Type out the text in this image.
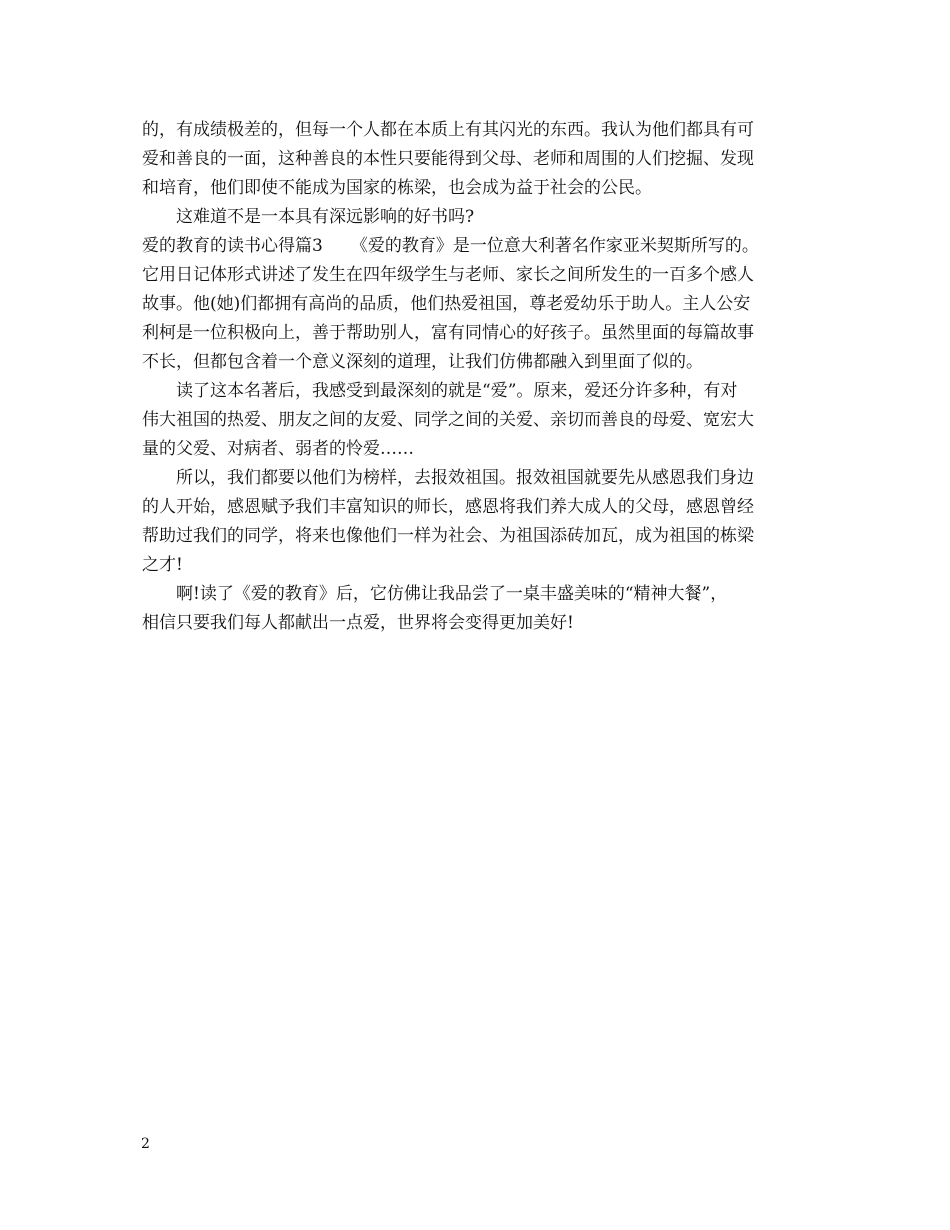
的，有成绩极差的，但每一个人都在本质上有其闪光的东西。我认为他们都具有可
爱和善良的一面，这种善良的本性只要能得到父母、老师和周围的人们挖掘、发现
和培育，他们即使不能成为国家的栋梁，也会成为益于社会的公民。
这难道不是一本具有深远影响的好书吗?
爱的教育的读书心得篇3 《爱的教育》是一位意大利著名作家亚米契斯所写的。
它用日记体形式讲述了发生在四年级学生与老师、家长之间所发生的一百多个感人
故事。他(她)们都拥有高尚的品质，他们热爱祖国，尊老爱幼乐于助人。主人公安
利柯是一位积极向上，善于帮助别人，富有同情心的好孩子。虽然里面的每篇故事
不长，但都包含着一个意义深刻的道理，让我们仿佛都融入到里面了似的。
读了这本名著后，我感受到最深刻的就是“爱”。原来，爱还分许多种，有对
伟大祖国的热爱、朋友之间的友爱、同学之间的关爱、亲切而善良的母爱、宽宏大
量的父爱、对病者、弱者的怜爱……
所以，我们都要以他们为榜样，去报效祖国。报效祖国就要先从感恩我们身边
的人开始，感恩赋予我们丰富知识的师长，感恩将我们养大成人的父母，感恩曾经
帮助过我们的同学，将来也像他们一样为社会、为祖国添砖加瓦，成为祖国的栋梁
之才!
啊!读了《爱的教育》后，它仿佛让我品尝了一桌丰盛美味的“精神大餐”，
相信只要我们每人都献出一点爱，世界将会变得更加美好!
2
